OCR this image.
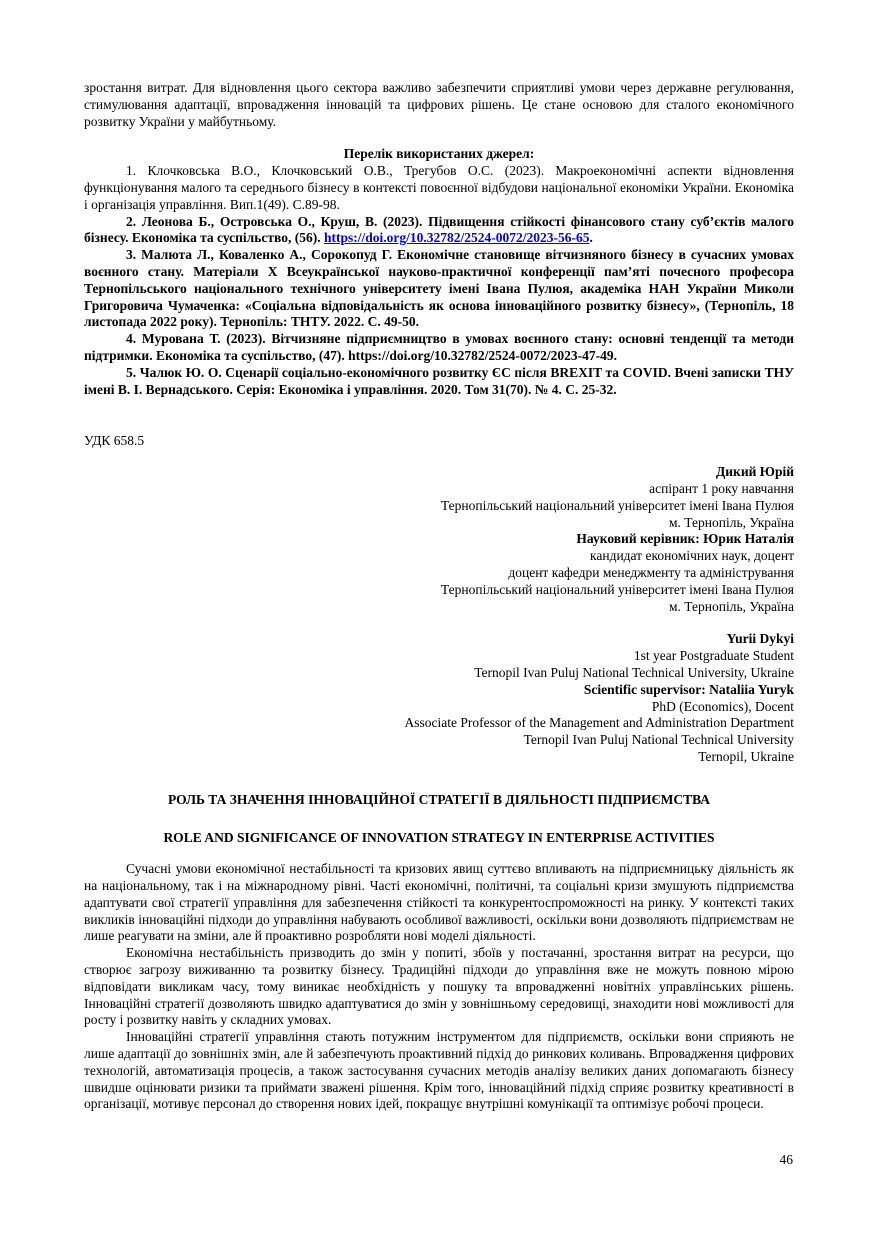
зростання витрат. Для відновлення цього сектора важливо забезпечити сприятливі умови через державне регулювання, стимулювання адаптації, впровадження інновацій та цифрових рішень. Це стане основою для сталого економічного розвитку України у майбутньому.

Перелік використаних джерел:

1. Клочковська В.О., Клочковський О.В., Трегубов О.С. (2023). Макроекономічні аспекти відновлення функціонування малого та середнього бізнесу в контексті повоєнної відбудови національної економіки України. Економіка і організація управління. Вип.1(49). С.89-98.

2. Леонова Б., Островська О., Круш, В. (2023). Підвищення стійкості фінансового стану суб’єктів малого бізнесу. Економіка та суспільство, (56). https://doi.org/10.32782/2524-0072/2023-56-65.

3. Малюта Л., Коваленко А., Сорокопуд Г. Економічне становище вітчизняного бізнесу в сучасних умовах воєнного стану. Матеріали X Всеукраїнської науково-практичної конференції пам’яті почесного професора Тернопільського національного технічного університету імені Івана Пулюя, академіка НАН України Миколи Григоровича Чумаченка: «Соціальна відповідальність як основа інноваційного розвитку бізнесу», (Тернопіль, 18 листопада 2022 року). Тернопіль: ТНТУ. 2022. С. 49-50.

4. Мурована Т. (2023). Вітчизняне підприємництво в умовах воєнного стану: основні тенденції та методи підтримки. Економіка та суспільство, (47). https://doi.org/10.32782/2524-0072/2023-47-49.

5. Чалюк Ю. О. Сценарії соціально-економічного розвитку ЄС після BREXIT та COVID. Вчені записки ТНУ імені В. І. Вернадського. Серія: Економіка і управління. 2020. Том 31(70). № 4. С. 25-32.

УДК 658.5

Дикий Юрій
аспірант 1 року навчання
Тернопільський національний університет імені Івана Пулюя
м. Тернопіль, Україна
Науковий керівник: Юрик Наталія
кандидат економічних наук, доцент
доцент кафедри менеджменту та адміністрування
Тернопільський національний університет імені Івана Пулюя
м. Тернопіль, Україна
Yurii Dykyi
1st year Postgraduate Student
Ternopil Ivan Puluj National Technical University, Ukraine
Scientific supervisor: Nataliia Yuryk
PhD (Economics), Docent
Associate Professor of the Management and Administration Department
Ternopil Ivan Puluj National Technical University
Ternopil, Ukraine

РОЛЬ ТА ЗНАЧЕННЯ ІННОВАЦІЙНОЇ СТРАТЕГІЇ В ДІЯЛЬНОСТІ ПІДПРИЄМСТВА

ROLE AND SIGNIFICANCE OF INNOVATION STRATEGY IN ENTERPRISE ACTIVITIES

Сучасні умови економічної нестабільності та кризових явищ суттєво впливають на підприємницьку діяльність як на національному, так і на міжнародному рівні. Часті економічні, політичні, та соціальні кризи змушують підприємства адаптувати свої стратегії управління для забезпечення стійкості та конкурентоспроможності на ринку. У контексті таких викликів інноваційні підходи до управління набувають особливої важливості, оскільки вони дозволяють підприємствам не лише реагувати на зміни, але й проактивно розробляти нові моделі діяльності.

Економічна нестабільність призводить до змін у попиті, збоїв у постачанні, зростання витрат на ресурси, що створює загрозу виживанню та розвитку бізнесу. Традиційні підходи до управління вже не можуть повною мірою відповідати викликам часу, тому виникає необхідність у пошуку та впровадженні новітніх управлінських рішень. Інноваційні стратегії дозволяють швидко адаптуватися до змін у зовнішньому середовищі, знаходити нові можливості для росту і розвитку навіть у складних умовах.

Інноваційні стратегії управління стають потужним інструментом для підприємств, оскільки вони сприяють не лише адаптації до зовнішніх змін, але й забезпечують проактивний підхід до ринкових коливань. Впровадження цифрових технологій, автоматизація процесів, а також застосування сучасних методів аналізу великих даних допомагають бізнесу швидше оцінювати ризики та приймати зважені рішення. Крім того, інноваційний підхід сприяє розвитку креативності в організації, мотивує персонал до створення нових ідей, покращує внутрішні комунікації та оптимізує робочі процеси.

46
